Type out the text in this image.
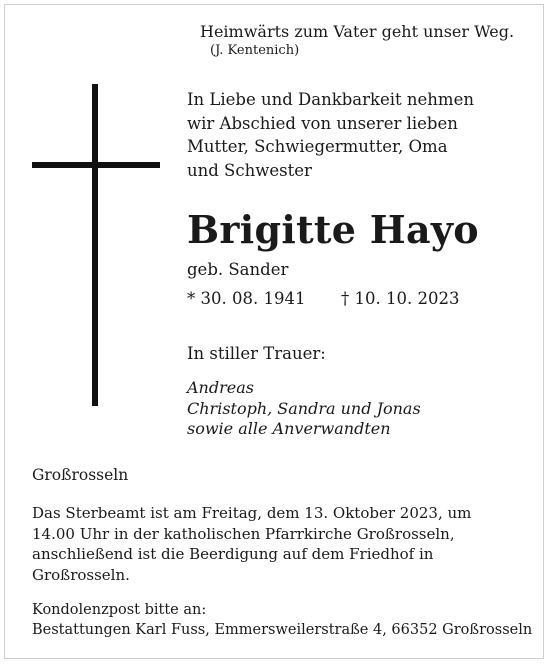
Heimwärts zum Vater geht unser Weg.
(J. Kentenich)
In Liebe und Dankbarkeit nehmen
wir Abschied von unserer lieben
Mutter, Schwiegermutter, Oma
und Schwester
Brigitte Hayo
geb. Sander
* 30. 08. 1941 † 10. 10. 2023
In stiller Trauer:
Andreas
Christoph, Sandra und Jonas
sowie alle Anverwandten
Großrosseln
Das Sterbeamt ist am Freitag, dem 13. Oktober 2023, um
14.00 Uhr in der katholischen Pfarrkirche Großrosseln,
anschließend ist die Beerdigung auf dem Friedhof in
Großrosseln.
Kondolenzpost bitte an:
Bestattungen Karl Fuss, Emmersweilerstraße 4, 66352 Großrosseln
